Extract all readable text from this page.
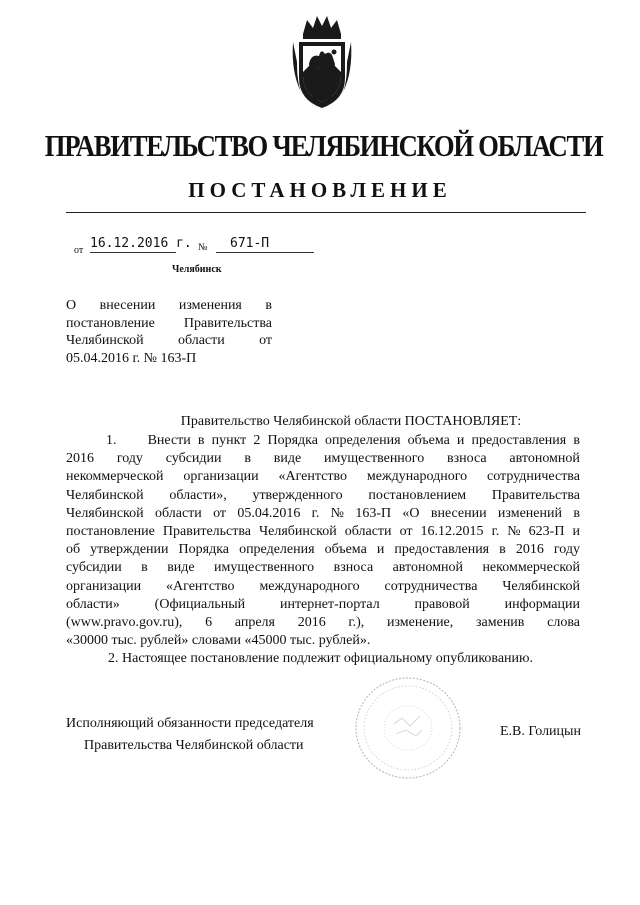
ПРАВИТЕЛЬСТВО ЧЕЛЯБИНСКОЙ ОБЛАСТИ
ПОСТАНОВЛЕНИЕ
от 16.12.2016 г. №	671-П
Челябинск
О внесении изменения в
постановление Правительства
Челябинской области от
05.04.2016 г. № 163-П
Правительство Челябинской области ПОСТАНОВЛЯЕТ:
1. Внести в пункт 2 Порядка определения объема и предоставления в
2016 году субсидии в виде имущественного взноса автономной
некоммерческой организации «Агентство международного сотрудничества
Челябинской области», утвержденного постановлением Правительства
Челябинской области от 05.04.2016 г. № 163-П «О внесении изменений в
постановление Правительства Челябинской области от 16.12.2015 г. № 623-П и
об утверждении Порядка определения объема и предоставления в 2016 году
субсидии в виде имущественного взноса автономной некоммерческой
организации «Агентство международного сотрудничества Челябинской
области» (Официальный интернет-портал правовой информации
(www.pravo.gov.ru), 6 апреля 2016 г.), изменение, заменив слова
«30000 тыс. рублей» словами «45000 тыс. рублей».
2. Настоящее постановление подлежит официальному опубликованию.
Исполняющий обязанности председателя
Правительства Челябинской области
Е.В. Голицын
